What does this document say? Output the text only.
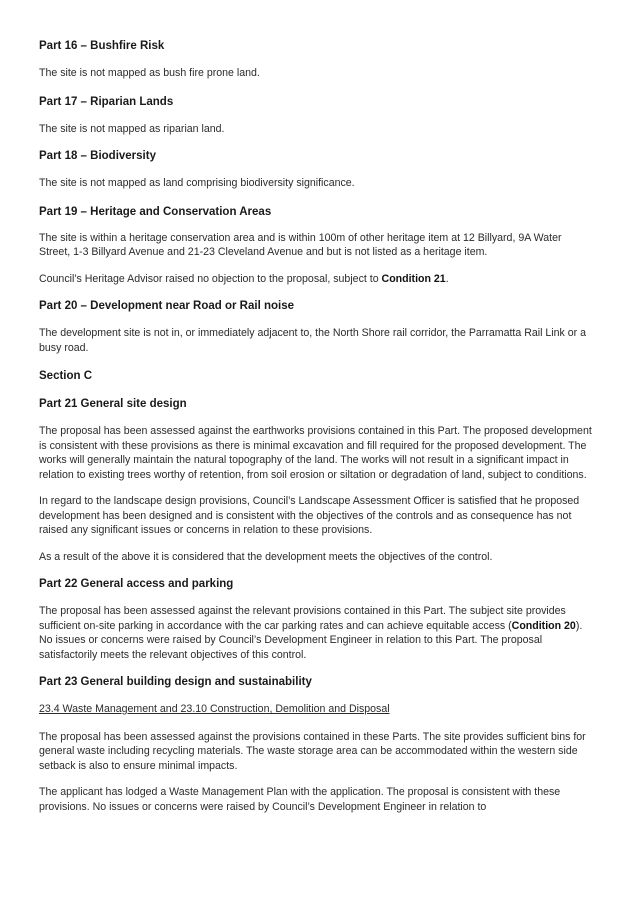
Part 16 – Bushfire Risk

The site is not mapped as bush fire prone land.

Part 17 – Riparian Lands

The site is not mapped as riparian land.

Part 18 – Biodiversity

The site is not mapped as land comprising biodiversity significance.

Part 19 – Heritage and Conservation Areas

The site is within a heritage conservation area and is within 100m of other heritage item at 12 Billyard, 9A Water Street, 1-3 Billyard Avenue and 21-23 Cleveland Avenue and but is not listed as a heritage item.

Council’s Heritage Advisor raised no objection to the proposal, subject to Condition 21.

Part 20 – Development near Road or Rail noise

The development site is not in, or immediately adjacent to, the North Shore rail corridor, the Parramatta Rail Link or a busy road.

Section C
Part 21 General site design

The proposal has been assessed against the earthworks provisions contained in this Part. The proposed development is consistent with these provisions as there is minimal excavation and fill required for the proposed development. The works will generally maintain the natural topography of the land. The works will not result in a significant impact in relation to existing trees worthy of retention, from soil erosion or siltation or degradation of land, subject to conditions.

In regard to the landscape design provisions, Council’s Landscape Assessment Officer is satisfied that he proposed development has been designed and is consistent with the objectives of the controls and as consequence has not raised any significant issues or concerns in relation to these provisions.

As a result of the above it is considered that the development meets the objectives of the control.

Part 22 General access and parking

The proposal has been assessed against the relevant provisions contained in this Part. The subject site provides sufficient on-site parking in accordance with the car parking rates and can achieve equitable access (Condition 20). No issues or concerns were raised by Council’s Development Engineer in relation to this Part. The proposal satisfactorily meets the relevant objectives of this control.

Part 23 General building design and sustainability

23.4 Waste Management and 23.10 Construction, Demolition and Disposal

The proposal has been assessed against the provisions contained in these Parts. The site provides sufficient bins for general waste including recycling materials. The waste storage area can be accommodated within the western side setback is also to ensure minimal impacts.

The applicant has lodged a Waste Management Plan with the application. The proposal is consistent with these provisions. No issues or concerns were raised by Council’s Development Engineer in relation to
